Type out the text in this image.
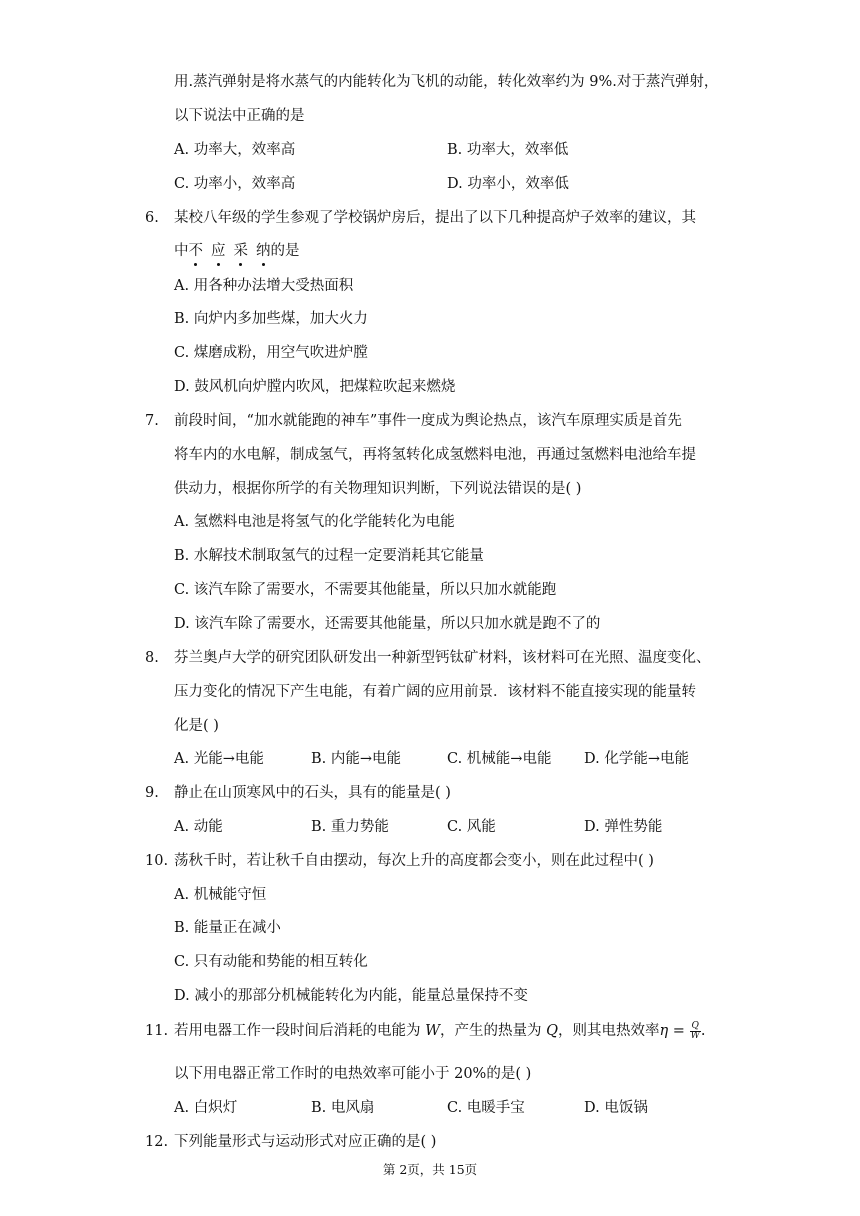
用.蒸汽弹射是将水蒸气的内能转化为飞机的动能，转化效率约为 9%.对于蒸汽弹射，
以下说法中正确的是
A. 功率大，效率高	B. 功率大，效率低
C. 功率小，效率高	D. 功率小，效率低
6. 某校八年级的学生参观了学校锅炉房后，提出了以下几种提高炉子效率的建议，其
中不 应 采 纳的是
A. 用各种办法增大受热面积
B. 向炉内多加些煤，加大火力
C. 煤磨成粉，用空气吹进炉膛
D. 鼓风机向炉膛内吹风，把煤粒吹起来燃烧
7. 前段时间，“加水就能跑的神车”事件一度成为舆论热点，该汽车原理实质是首先
将车内的水电解，制成氢气，再将氢转化成氢燃料电池，再通过氢燃料电池给车提
供动力，根据你所学的有关物理知识判断，下列说法错误的是( )
A. 氢燃料电池是将氢气的化学能转化为电能
B. 水解技术制取氢气的过程一定要消耗其它能量
C. 该汽车除了需要水，不需要其他能量，所以只加水就能跑
D. 该汽车除了需要水，还需要其他能量，所以只加水就是跑不了的
8. 芬兰奥卢大学的研究团队研发出一种新型钙钛矿材料，该材料可在光照、温度变化、
压力变化的情况下产生电能，有着广阔的应用前景．该材料不能直接实现的能量转
化是( )
A. 光能→电能	B. 内能→电能	C. 机械能→电能 D. 化学能→电能
9. 静止在山顶寒风中的石头，具有的能量是( )
A. 动能	B. 重力势能	C. 风能	D. 弹性势能
10. 荡秋千时，若让秋千自由摆动，每次上升的高度都会变小，则在此过程中( )
A. 机械能守恒
B. 能量正在减小
C. 只有动能和势能的相互转化
D. 减小的那部分机械能转化为内能，能量总量保持不变
11. 若用电器工作一段时间后消耗的电能为 W，产生的热量为 Q，则其电热效率$\eta = \frac{Q}{W}$ .
以下用电器正常工作时的电热效率可能小于 20%的是( )
A. 白炽灯	B. 电风扇	C. 电暖手宝	D. 电饭锅
12. 下列能量形式与运动形式对应正确的是( )
第 2页，共 15页
